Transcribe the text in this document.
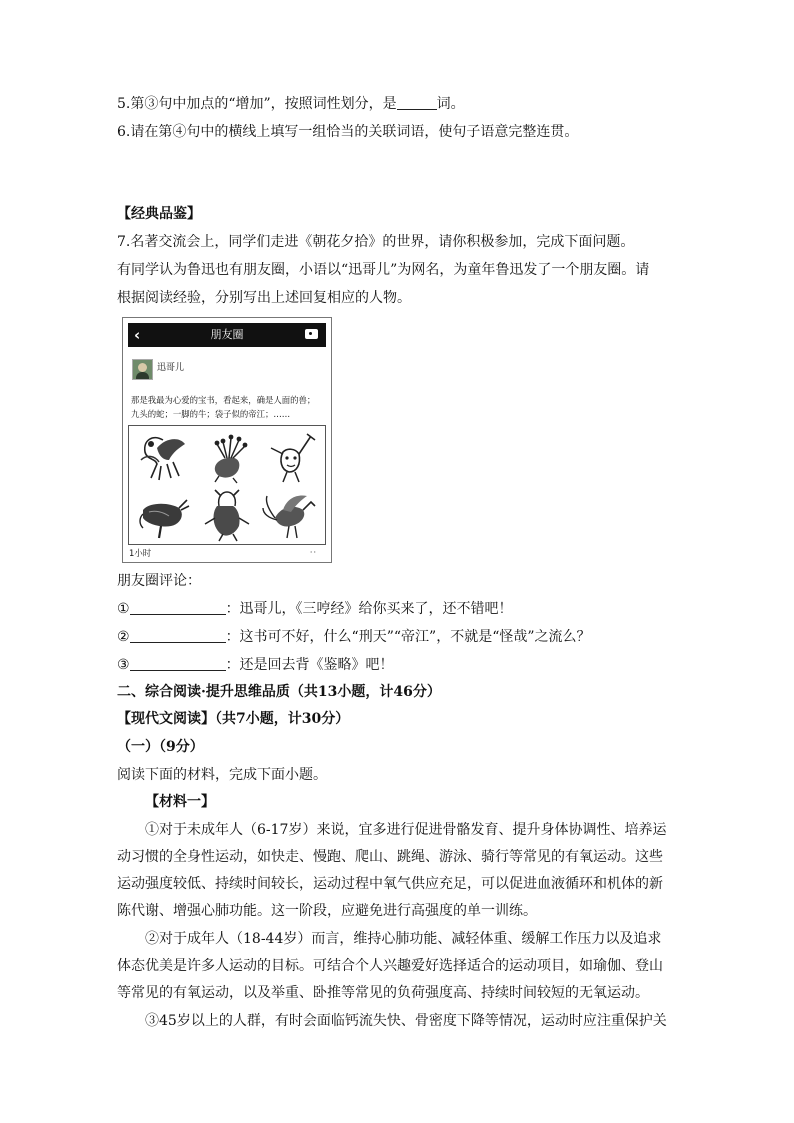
5.第③句中加点的“增加”，按照词性划分，是	词。
6.请在第④句中的横线上填写一组恰当的关联词语，使句子语意完整连贯。
【经典品鉴】
7.名著交流会上，同学们走进《朝花夕拾》的世界，请你积极参加，完成下面问题。
有同学认为鲁迅也有朋友圈，小语以“迅哥儿”为网名，为童年鲁迅发了一个朋友圈。请
根据阅读经验，分别写出上述回复相应的人物。
‹	朋友圈
迅哥儿
那是我最为心爱的宝书，看起来，确是人面的兽；
九头的蛇；一脚的牛；袋子似的帝江；……
1小时	··
朋友圈评论：
①	：迅哥儿，《三哼经》给你买来了，还不错吧！
②	：这书可不好，什么“刑天”“帝江”，不就是“怪哉”之流么？
③	：还是回去背《鉴略》吧！
二、综合阅读·提升思维品质（共13小题，计46分）
【现代文阅读】（共7小题，计30分）
（一）（9分）
阅读下面的材料，完成下面小题。
【材料一】
①对于未成年人（6-17岁）来说，宜多进行促进骨骼发育、提升身体协调性、培养运
动习惯的全身性运动，如快走、慢跑、爬山、跳绳、游泳、骑行等常见的有氧运动。这些
运动强度较低、持续时间较长，运动过程中氧气供应充足，可以促进血液循环和机体的新
陈代谢、增强心肺功能。这一阶段，应避免进行高强度的单一训练。
②对于成年人（18-44岁）而言，维持心肺功能、减轻体重、缓解工作压力以及追求
体态优美是许多人运动的目标。可结合个人兴趣爱好选择适合的运动项目，如瑜伽、登山
等常见的有氧运动，以及举重、卧推等常见的负荷强度高、持续时间较短的无氧运动。
③45岁以上的人群，有时会面临钙流失快、骨密度下降等情况，运动时应注重保护关
